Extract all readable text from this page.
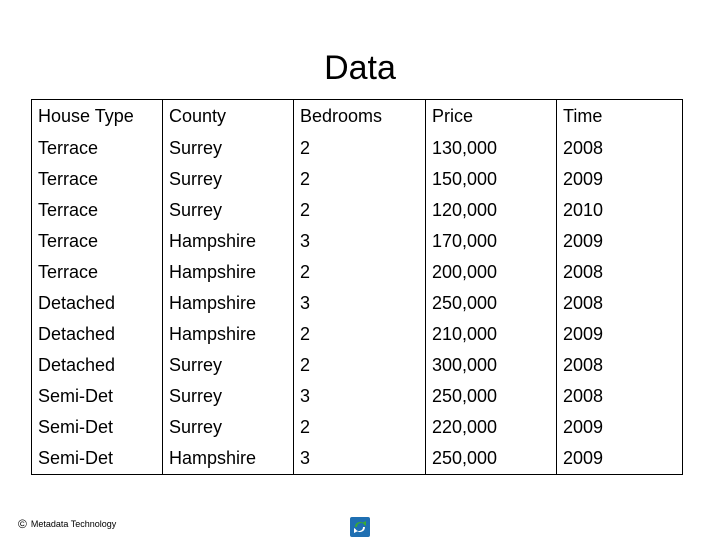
Data
House Type	County	Bedrooms	Price	Time
Terrace	Surrey	2	130,000	2008
Terrace	Surrey	2	150,000	2009
Terrace	Surrey	2	120,000	2010
Terrace	Hampshire	3	170,000	2009
Terrace	Hampshire	2	200,000	2008
Detached	Hampshire	3	250,000	2008
Detached	Hampshire	2	210,000	2009
Detached	Surrey	2	300,000	2008
Semi-Det	Surrey	3	250,000	2008
Semi-Det	Surrey	2	220,000	2009
Semi-Det	Hampshire	3	250,000	2009
© Metadata Technology
